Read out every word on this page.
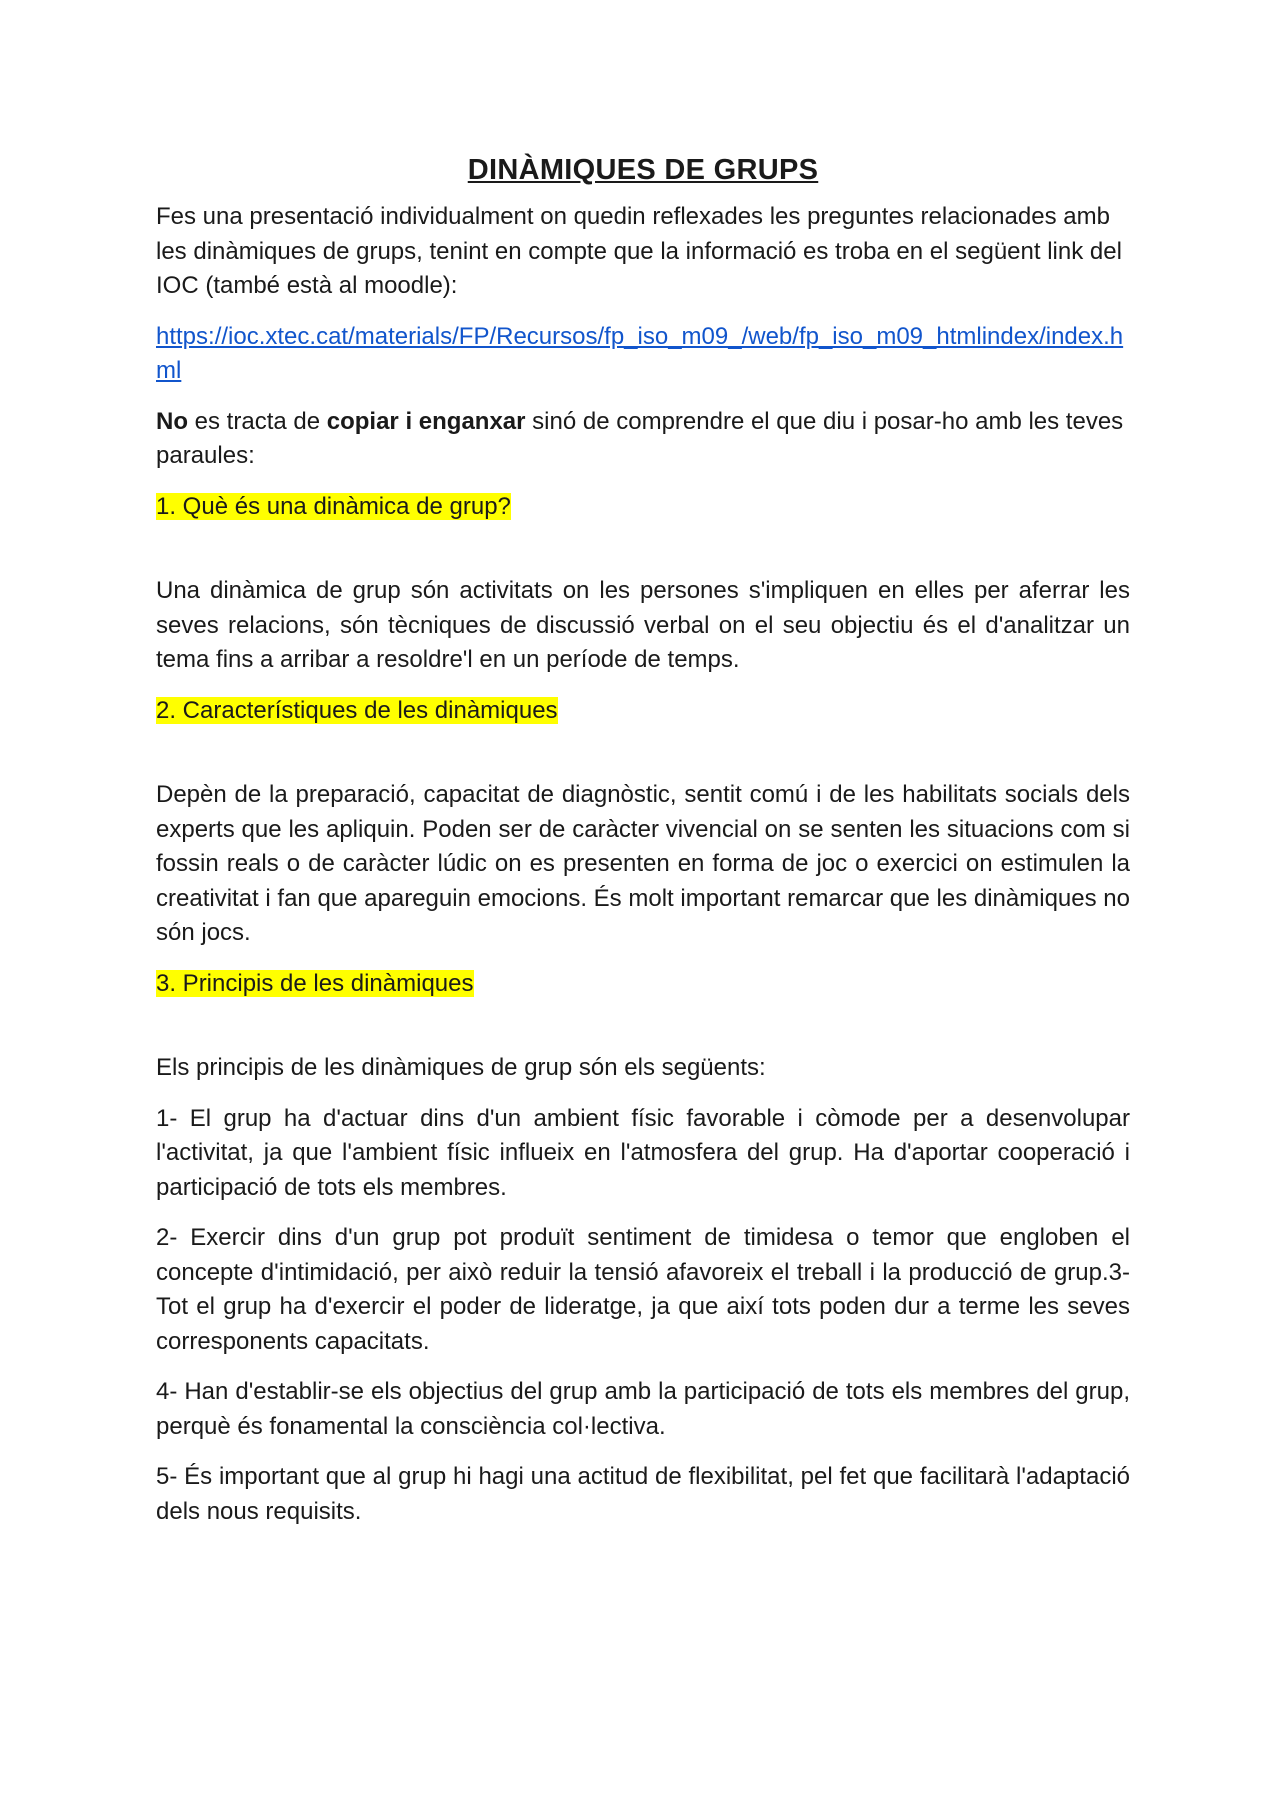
DINÀMIQUES DE GRUPS

Fes una presentació individualment on quedin reflexades les preguntes relacionades amb les dinàmiques de grups, tenint en compte que la informació es troba en el següent link del IOC (també està al moodle):

https://ioc.xtec.cat/materials/FP/Recursos/fp_iso_m09_/web/fp_iso_m09_htmlindex/index.h ml

No es tracta de copiar i enganxar sinó de comprendre el que diu i posar-ho amb les teves paraules:

1. Què és una dinàmica de grup?

Una dinàmica de grup són activitats on les persones s'impliquen en elles per aferrar les seves relacions, són tècniques de discussió verbal on el seu objectiu és el d'analitzar un tema fins a arribar a resoldre'l en un període de temps.

2. Característiques de les dinàmiques

Depèn de la preparació, capacitat de diagnòstic, sentit comú i de les habilitats socials dels experts que les apliquin. Poden ser de caràcter vivencial on se senten les situacions com si fossin reals o de caràcter lúdic on es presenten en forma de joc o exercici on estimulen la creativitat i fan que apareguin emocions. És molt important remarcar que les dinàmiques no són jocs.

3. Principis de les dinàmiques

Els principis de les dinàmiques de grup són els següents:

1- El grup ha d'actuar dins d'un ambient físic favorable i còmode per a desenvolupar l'activitat, ja que l'ambient físic influeix en l'atmosfera del grup. Ha d'aportar cooperació i participació de tots els membres.

2- Exercir dins d'un grup pot produït sentiment de timidesa o temor que engloben el concepte d'intimidació, per això reduir la tensió afavoreix el treball i la producció de grup.3- Tot el grup ha d'exercir el poder de lideratge, ja que així tots poden dur a terme les seves corresponents capacitats.

4- Han d'establir-se els objectius del grup amb la participació de tots els membres del grup, perquè és fonamental la consciència col·lectiva.

5- És important que al grup hi hagi una actitud de flexibilitat, pel fet que facilitarà l'adaptació dels nous requisits.
